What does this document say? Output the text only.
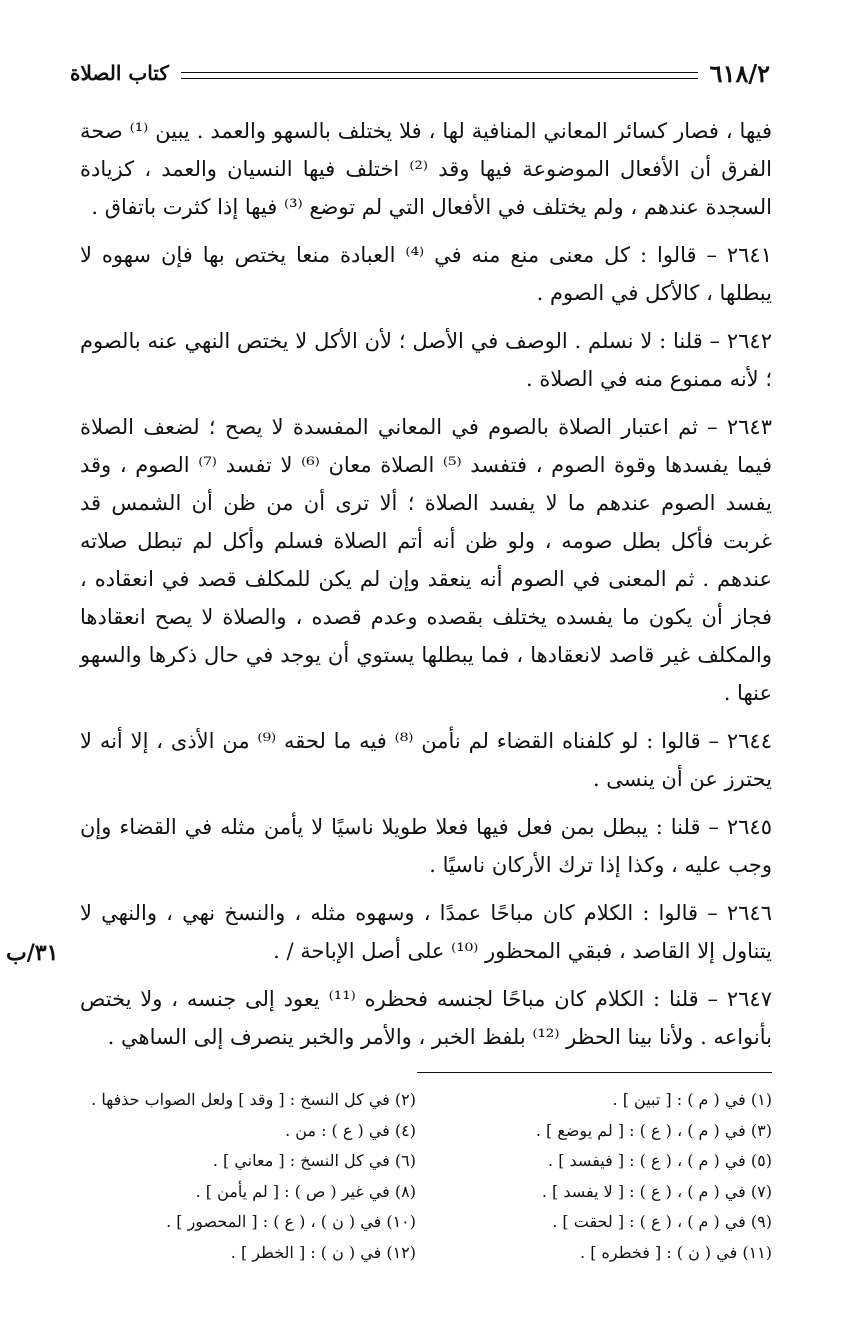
٦١٨/٢
كتاب الصلاة

فيها ، فصار كسائر المعاني المنافية لها ، فلا يختلف بالسهو والعمد . يبين ⁽¹⁾ صحة الفرق أن الأفعال الموضوعة فيها وقد ⁽²⁾ اختلف فيها النسيان والعمد ، كزيادة السجدة عندهم ، ولم يختلف في الأفعال التي لم توضع ⁽³⁾ فيها إذا كثرت باتفاق .

٢٦٤١ – قالوا : كل معنى منع منه في ⁽⁴⁾ العبادة منعا يختص بها فإن سهوه لا يبطلها ، كالأكل في الصوم .

٢٦٤٢ – قلنا : لا نسلم . الوصف في الأصل ؛ لأن الأكل لا يختص النهي عنه بالصوم ؛ لأنه ممنوع منه في الصلاة .

٢٦٤٣ – ثم اعتبار الصلاة بالصوم في المعاني المفسدة لا يصح ؛ لضعف الصلاة فيما يفسدها وقوة الصوم ، فتفسد ⁽⁵⁾ الصلاة معان ⁽⁶⁾ لا تفسد ⁽⁷⁾ الصوم ، وقد يفسد الصوم عندهم ما لا يفسد الصلاة ؛ ألا ترى أن من ظن أن الشمس قد غربت فأكل بطل صومه ، ولو ظن أنه أتم الصلاة فسلم وأكل لم تبطل صلاته عندهم . ثم المعنى في الصوم أنه ينعقد وإن لم يكن للمكلف قصد في انعقاده ، فجاز أن يكون ما يفسده يختلف بقصده وعدم قصده ، والصلاة لا يصح انعقادها والمكلف غير قاصد لانعقادها ، فما يبطلها يستوي أن يوجد في حال ذكرها والسهو عنها .

٢٦٤٤ – قالوا : لو كلفناه القضاء لم نأمن ⁽⁸⁾ فيه ما لحقه ⁽⁹⁾ من الأذى ، إلا أنه لا يحترز عن أن ينسى .

٢٦٤٥ – قلنا : يبطل بمن فعل فيها فعلا طويلا ناسيًا لا يأمن مثله في القضاء وإن وجب عليه ، وكذا إذا ترك الأركان ناسيًا .

٢٦٤٦ – قالوا : الكلام كان مباحًا عمدًا ، وسهوه مثله ، والنسخ نهي ، والنهي لا يتناول إلا القاصد ، فبقي المحظور ⁽¹⁰⁾ على أصل الإباحة / .

٢٦٤٧ – قلنا : الكلام كان مباحًا لجنسه فحظره ⁽¹¹⁾ يعود إلى جنسه ، ولا يختص بأنواعه . ولأنا بينا الحظر ⁽¹²⁾ بلفظ الخبر ، والأمر والخبر ينصرف إلى الساهي .

٣١/ب
(١) في ( م ) : [ تبين ] .
(٢) في كل النسخ : [ وقد ] ولعل الصواب حذفها .
(٣) في ( م ) ، ( ع ) : [ لم يوضع ] .
(٤) في ( ع ) : من .
(٥) في ( م ) ، ( ع ) : [ فيفسد ] .
(٦) في كل النسخ : [ معاني ] .
(٧) في ( م ) ، ( ع ) : [ لا يفسد ] .
(٨) في غير ( ص ) : [ لم يأمن ] .
(٩) في ( م ) ، ( ع ) : [ لحقت ] .
(١٠) في ( ن ) ، ( ع ) : [ المحصور ] .
(١١) في ( ن ) : [ فخطره ] .
(١٢) في ( ن ) : [ الخطر ] .
